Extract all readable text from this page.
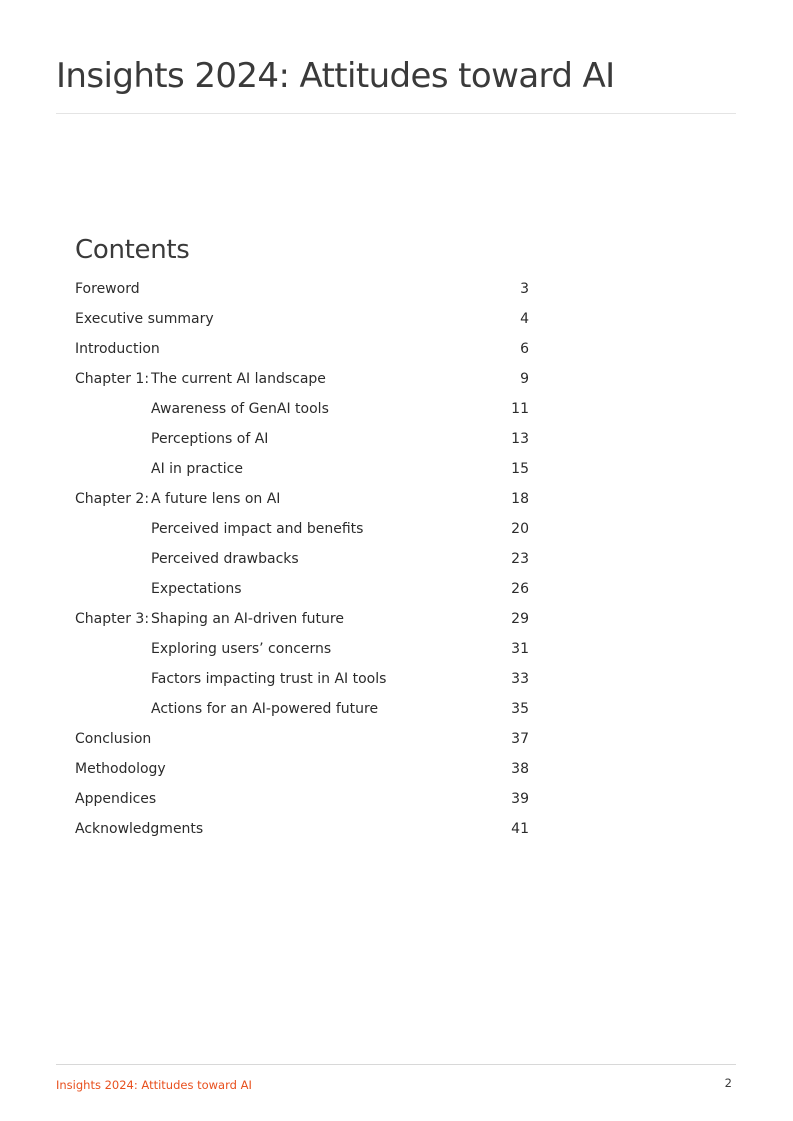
Insights 2024: Attitudes toward AI
Contents
Foreword	3
Executive summary	4
Introduction	6
Chapter 1: The current AI landscape	9
Awareness of GenAI tools	11
Perceptions of AI	13
AI in practice	15
Chapter 2: A future lens on AI	18
Perceived impact and benefits	20
Perceived drawbacks	23
Expectations	26
Chapter 3: Shaping an AI-driven future	29
Exploring users’ concerns	31
Factors impacting trust in AI tools	33
Actions for an AI-powered future	35
Conclusion	37
Methodology	38
Appendices	39
Acknowledgments	41
Insights 2024: Attitudes toward AI	2
